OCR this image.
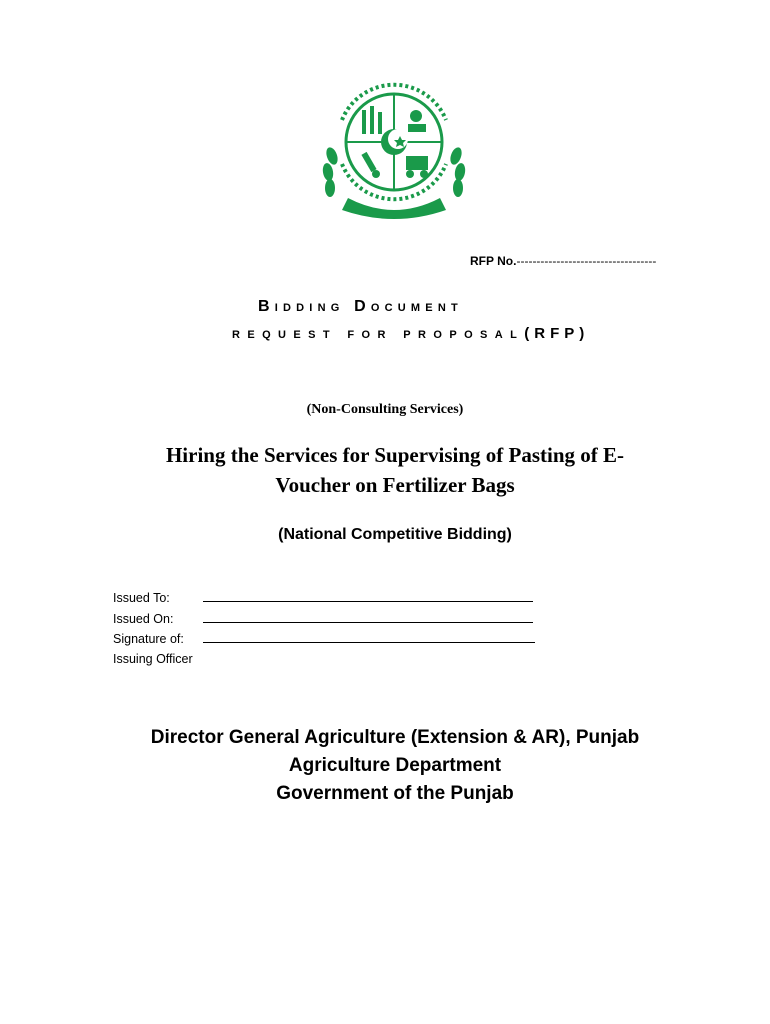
RFP No.-----------------------------------
BIDDING DOCUMENT
REQUEST FOR PROPOSAL(RFP)
(Non-Consulting Services)
Hiring the Services for Supervising of Pasting of E-Voucher on Fertilizer Bags
(National Competitive Bidding)
Issued To:
Issued On:
Signature of:
Issuing Officer
Director General Agriculture (Extension & AR), Punjab
Agriculture Department
Government of the Punjab
